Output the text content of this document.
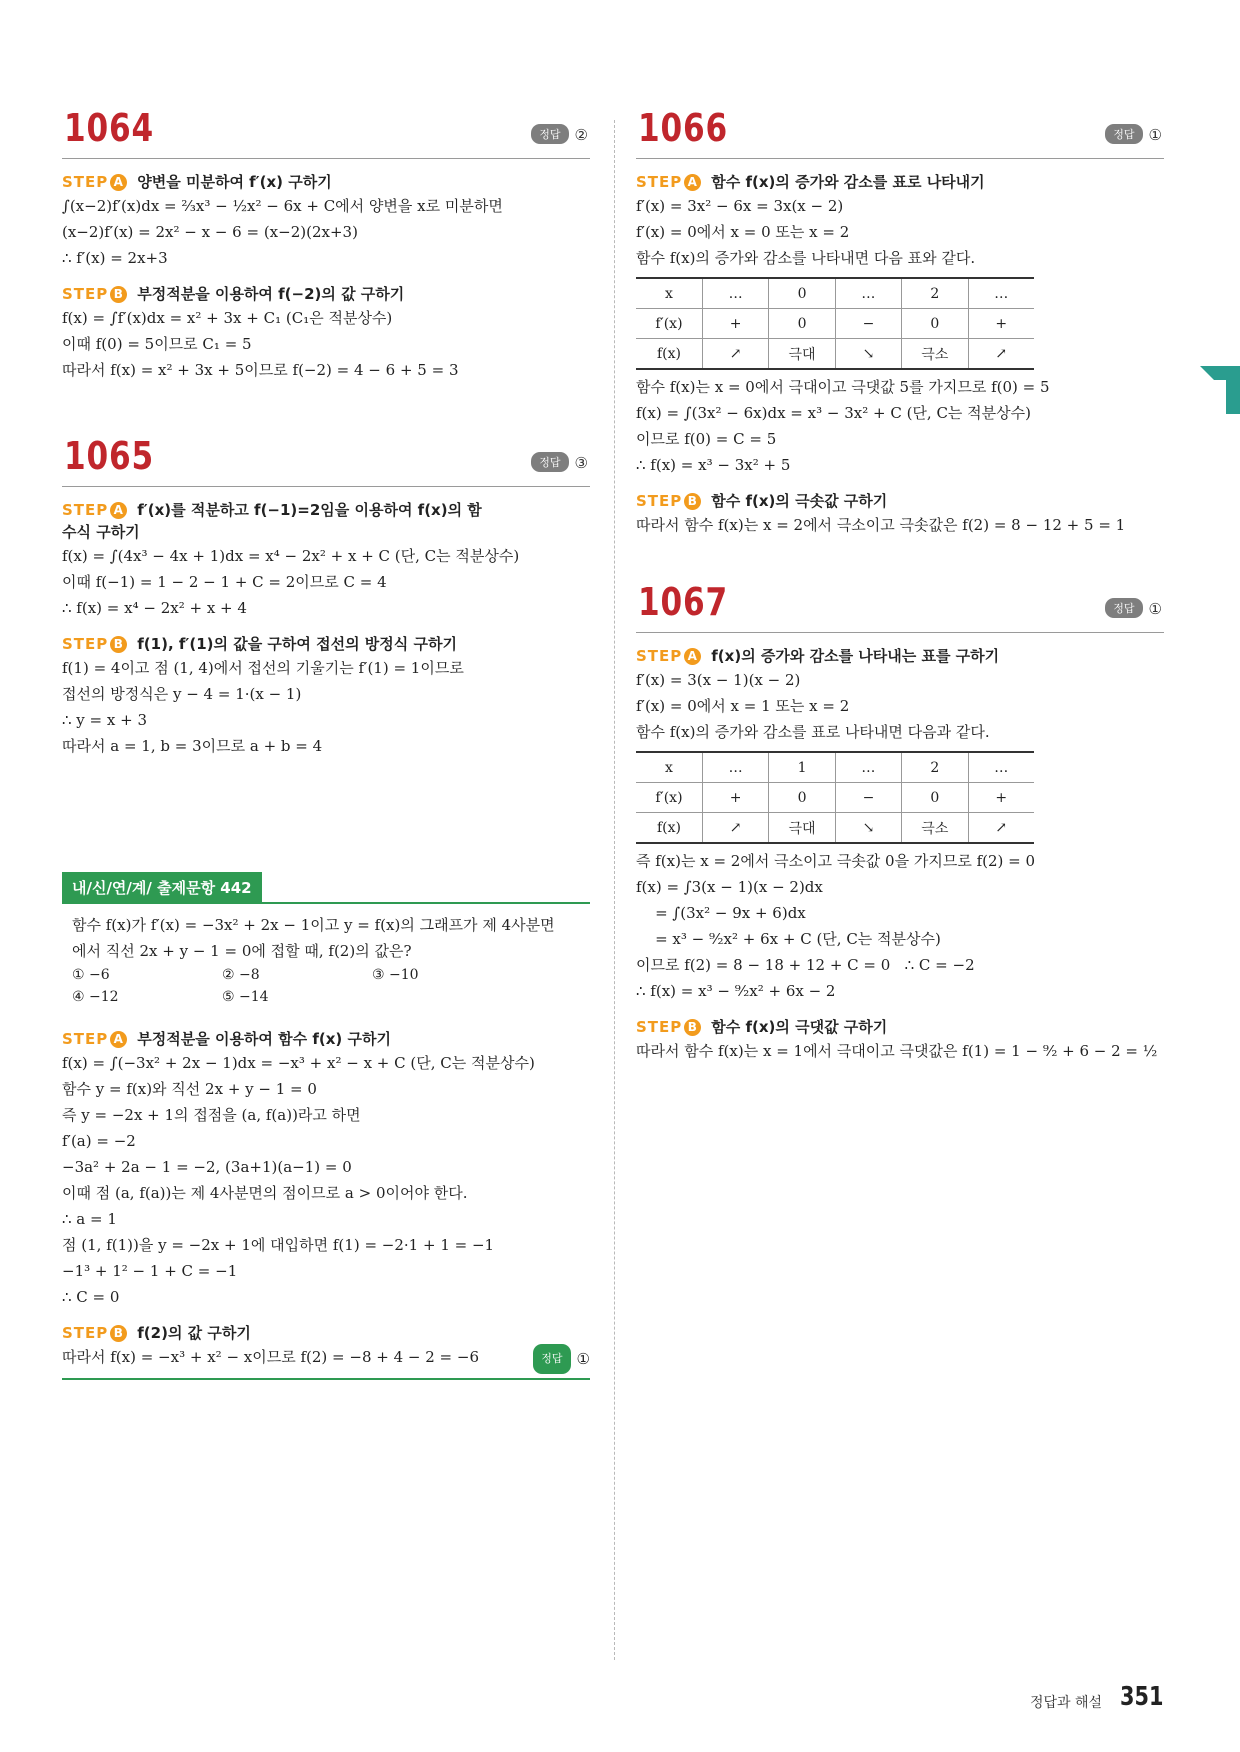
1064	정답 ②
STEP A 양변을 미분하여 f′(x) 구하기
∫(x−2)f′(x)dx = ²⁄₃x³ − ½x² − 6x + C에서 양변을 x로 미분하면
(x−2)f′(x) = 2x² − x − 6 = (x−2)(2x+3)
∴ f′(x) = 2x+3
STEP B 부정적분을 이용하여 f(−2)의 값 구하기
f(x) = ∫f′(x)dx = x² + 3x + C₁ (C₁은 적분상수)
이때 f(0) = 5이므로 C₁ = 5
따라서 f(x) = x² + 3x + 5이므로 f(−2) = 4 − 6 + 5 = 3
1065	정답 ③
STEP A f′(x)를 적분하고 f(−1)=2임을 이용하여 f(x)의 함수식 구하기
f(x) = ∫(4x³ − 4x + 1)dx = x⁴ − 2x² + x + C (단, C는 적분상수)
이때 f(−1) = 1 − 2 − 1 + C = 2이므로 C = 4
∴ f(x) = x⁴ − 2x² + x + 4
STEP B f(1), f′(1)의 값을 구하여 접선의 방정식 구하기
f(1) = 4이고 점 (1, 4)에서 접선의 기울기는 f′(1) = 1이므로
접선의 방정식은 y − 4 = 1·(x − 1)
∴ y = x + 3
따라서 a = 1, b = 3이므로 a + b = 4
내/신/연/계/ 출제문항 442
함수 f(x)가 f′(x) = −3x² + 2x − 1이고 y = f(x)의 그래프가 제 4사분면
에서 직선 2x + y − 1 = 0에 접할 때, f(2)의 값은?
① −6	② −8	③ −10
④ −12	⑤ −14
STEP A 부정적분을 이용하여 함수 f(x) 구하기
f(x) = ∫(−3x² + 2x − 1)dx = −x³ + x² − x + C (단, C는 적분상수)
함수 y = f(x)와 직선 2x + y − 1 = 0
즉 y = −2x + 1의 접점을 (a, f(a))라고 하면
f′(a) = −2
−3a² + 2a − 1 = −2, (3a+1)(a−1) = 0
이때 점 (a, f(a))는 제 4사분면의 점이므로 a > 0이어야 한다.
∴ a = 1
점 (1, f(1))을 y = −2x + 1에 대입하면 f(1) = −2·1 + 1 = −1
−1³ + 1² − 1 + C = −1
∴ C = 0
STEP B f(2)의 값 구하기
따라서 f(x) = −x³ + x² − x이므로 f(2) = −8 + 4 − 2 = −6	정답 ①
1066	정답 ①
STEP A 함수 f(x)의 증가와 감소를 표로 나타내기
f′(x) = 3x² − 6x = 3x(x − 2)
f′(x) = 0에서 x = 0 또는 x = 2
함수 f(x)의 증가와 감소를 나타내면 다음 표와 같다.
x	…	0	…	2	…
f′(x)	+	0	−	0	+
f(x)	↗	극대	↘	극소	↗
함수 f(x)는 x = 0에서 극대이고 극댓값 5를 가지므로 f(0) = 5
f(x) = ∫(3x² − 6x)dx = x³ − 3x² + C (단, C는 적분상수)
이므로 f(0) = C = 5
∴ f(x) = x³ − 3x² + 5
STEP B 함수 f(x)의 극솟값 구하기
따라서 함수 f(x)는 x = 2에서 극소이고 극솟값은 f(2) = 8 − 12 + 5 = 1
1067	정답 ①
STEP A f(x)의 증가와 감소를 나타내는 표를 구하기
f′(x) = 3(x − 1)(x − 2)
f′(x) = 0에서 x = 1 또는 x = 2
함수 f(x)의 증가와 감소를 표로 나타내면 다음과 같다.
x	…	1	…	2	…
f′(x)	+	0	−	0	+
f(x)	↗	극대	↘	극소	↗
즉 f(x)는 x = 2에서 극소이고 극솟값 0을 가지므로 f(2) = 0
f(x) = ∫3(x − 1)(x − 2)dx
= ∫(3x² − 9x + 6)dx
= x³ − ⁹⁄₂x² + 6x + C (단, C는 적분상수)
이므로 f(2) = 8 − 18 + 12 + C = 0   ∴ C = −2
∴ f(x) = x³ − ⁹⁄₂x² + 6x − 2
STEP B 함수 f(x)의 극댓값 구하기
따라서 함수 f(x)는 x = 1에서 극대이고 극댓값은 f(1) = 1 − ⁹⁄₂ + 6 − 2 = ½
정답과 해설 351
